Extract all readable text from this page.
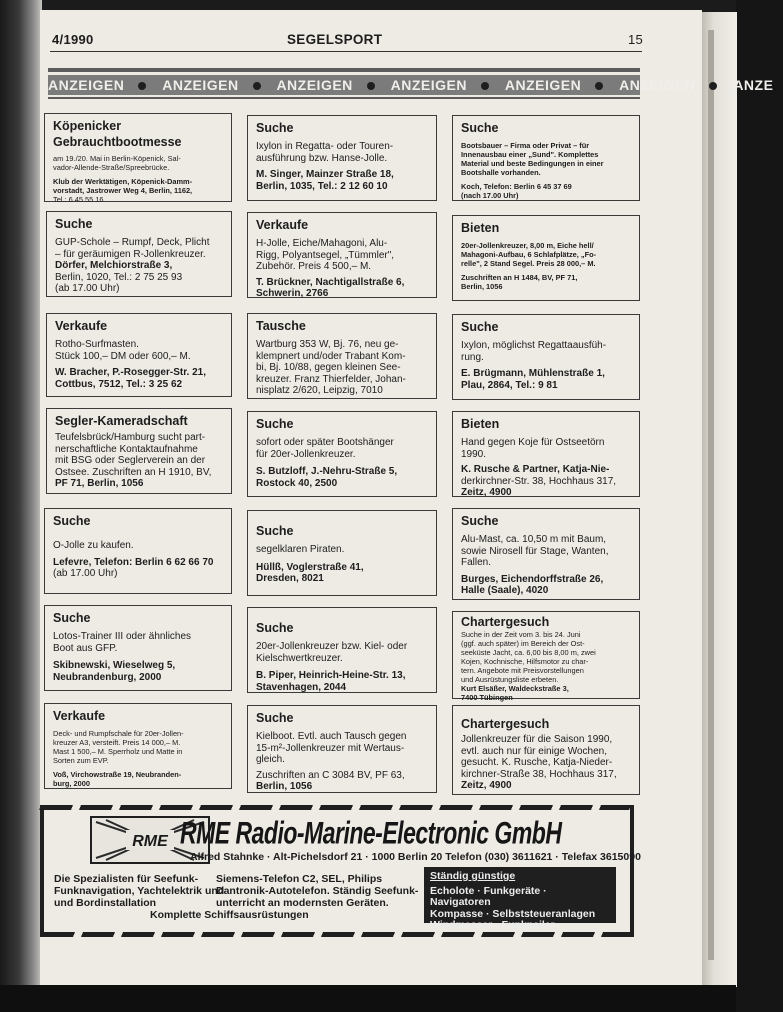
4/1990	SEGELSPORT	15
ANZEIGEN	ANZEIGEN	ANZEIGEN	ANZEIGEN	ANZEIGEN	ANZEIGEN	ANZE
Köpenicker
Gebrauchtbootmesse
am 19./20. Mai in Berlin-Köpenick, Sal-
vador-Allende-Straße/Spreebrücke.
Klub der Werktätigen, Köpenick-Damm-
vorstadt, Jastrower Weg 4, Berlin, 1162,
Tel.: 6 45 55 16
Suche
GUP-Schole – Rumpf, Deck, Plicht
– für geräumigen R-Jollenkreuzer.
Dörfer, Melchiorstraße 3,
Berlin, 1020, Tel.: 2 75 25 93
(ab 17.00 Uhr)
Verkaufe
Rotho-Surfmasten.
Stück 100,– DM oder 600,– M.
W. Bracher, P.-Rosegger-Str. 21,
Cottbus, 7512, Tel.: 3 25 62
Segler-Kameradschaft
Teufelsbrück/Hamburg sucht part-
nerschaftliche Kontaktaufnahme
mit BSG oder Seglerverein an der
Ostsee. Zuschriften an H 1910, BV,
PF 71, Berlin, 1056
Suche
O-Jolle zu kaufen.
Lefevre, Telefon: Berlin 6 62 66 70
(ab 17.00 Uhr)
Suche
Lotos-Trainer III oder ähnliches
Boot aus GFP.
Skibnewski, Wieselweg 5,
Neubrandenburg, 2000
Verkaufe
Deck- und Rumpfschale für 20er-Jollen-
kreuzer A3, versteift. Preis 14 000,– M.
Mast 1 500,– M. Sperrholz und Matte in
Sorten zum EVP.
Voß, Virchowstraße 19, Neubranden-
burg, 2000
Suche
Ixylon in Regatta- oder Touren-
ausführung bzw. Hanse-Jolle.
M. Singer, Mainzer Straße 18,
Berlin, 1035, Tel.: 2 12 60 10
Verkaufe
H-Jolle, Eiche/Mahagoni, Alu-
Rigg, Polyantsegel, „Tümmler",
Zubehör. Preis 4 500,– M.
T. Brückner, Nachtigallstraße 6,
Schwerin, 2766
Tausche
Wartburg 353 W, Bj. 76, neu ge-
klempnert und/oder Trabant Kom-
bi, Bj. 10/88, gegen kleinen See-
kreuzer. Franz Thierfelder, Johan-
nisplatz 2/620, Leipzig, 7010
Suche
sofort oder später Bootshänger
für 20er-Jollenkreuzer.
S. Butzloff, J.-Nehru-Straße 5,
Rostock 40, 2500
Suche
segelklaren Piraten.
Hüllß, Voglerstraße 41,
Dresden, 8021
Suche
20er-Jollenkreuzer bzw. Kiel- oder
Kielschwertkreuzer.
B. Piper, Heinrich-Heine-Str. 13,
Stavenhagen, 2044
Suche
Kielboot. Evtl. auch Tausch gegen
15-m²-Jollenkreuzer mit Wertaus-
gleich.
Zuschriften an C 3084 BV, PF 63,
Berlin, 1056
Suche
Bootsbauer – Firma oder Privat – für
Innenausbau einer „Sund". Komplettes
Material und beste Bedingungen in einer
Bootshalle vorhanden.
Koch, Telefon: Berlin 6 45 37 69
(nach 17.00 Uhr)
Bieten
20er-Jollenkreuzer, 8,00 m, Eiche hell/
Mahagoni-Aufbau, 6 Schlafplätze, „Fo-
relle", 2 Stand Segel. Preis 28 000,– M.
Zuschriften an H 1484, BV, PF 71,
Berlin, 1056
Suche
Ixylon, möglichst Regattaausfüh-
rung.
E. Brügmann, Mühlenstraße 1,
Plau, 2864, Tel.: 9 81
Bieten
Hand gegen Koje für Ostseetörn
1990.
K. Rusche & Partner, Katja-Nie-
derkirchner-Str. 38, Hochhaus 317,
Zeitz, 4900
Suche
Alu-Mast, ca. 10,50 m mit Baum,
sowie Nirosell für Stage, Wanten,
Fallen.
Burges, Eichendorffstraße 26,
Halle (Saale), 4020
Chartergesuch
Suche in der Zeit vom 3. bis 24. Juni
(ggf. auch später) im Bereich der Ost-
seeküste Jacht, ca. 6,00 bis 8,00 m, zwei
Kojen, Kochnische, Hilfsmotor zu char-
tern. Angebote mit Preisvorstellungen
und Ausrüstungsliste erbeten.
Kurt Elsäßer, Waldeckstraße 3,
7400 Tübingen
Chartergesuch
Jollenkreuzer für die Saison 1990,
evtl. auch nur für einige Wochen,
gesucht. K. Rusche, Katja-Nieder-
kirchner-Straße 38, Hochhaus 317,
Zeitz, 4900
RME RME Radio-Marine-Electronic GmbH
Alfred Stahnke · Alt-Pichelsdorf 21 · 1000 Berlin 20 Telefon (030) 3611621 · Telefax 3615090
Die Spezialisten für Seefunk-
Funknavigation, Yachtelektrik und
und Bordinstallation
Siemens-Telefon C2, SEL, Philips
Dantronik-Autotelefon. Ständig Seefunk-
unterricht an modernsten Geräten.
Komplette Schiffsausrüstungen
Ständig günstige
Echolote · Funkgeräte · Navigatoren
Kompasse · Selbststeueranlagen
Windmesser · Funkpeiler
